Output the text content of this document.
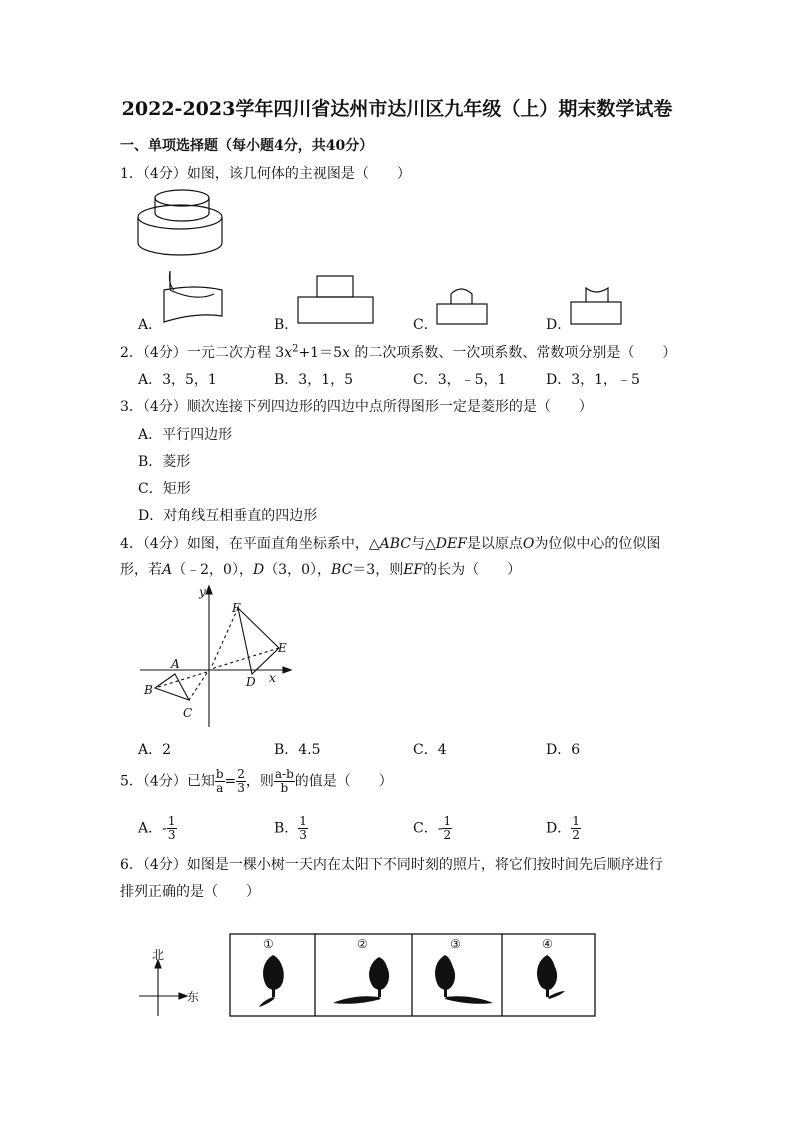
2022-2023学年四川省达州市达川区九年级（上）期末数学试卷
一、单项选择题（每小题4分，共40分）
1．（4分）如图，该几何体的主视图是（　　）
A．	B．	C．	D．
2．（4分）一元二次方程 $3x^2+1=5x$ 的二次项系数、一次项系数、常数项分别是（　　）
A．3，5，1	B．3，1，5	C．3，﹣5，1	D．3，1，﹣5
3．（4分）顺次连接下列四边形的四边中点所得图形一定是菱形的是（　　）
A．平行四边形
B．菱形
C．矩形
D．对角线互相垂直的四边形
4．（4分）如图，在平面直角坐标系中，△ABC与△DEF是以原点O为位似中心的位似图
形，若A（﹣2，0），D（3，0），BC＝3，则EF的长为（　　）
y
x
A
B
C
D
E
F
A．2	B．4.5	C．4	D．6
5．（4分）已知 $\frac{b}{a} = \frac{2}{3}$ ，则 $\frac{a-b}{b}$ 的值是（　　）
A．- $\frac{1}{3}$	B． $\frac{1}{3}$	C．- $\frac{1}{2}$	D． $\frac{1}{2}$
6．（4分）如图是一棵小树一天内在太阳下不同时刻的照片，将它们按时间先后顺序进行
排列正确的是（　　）
北
东
①	②	③	④
